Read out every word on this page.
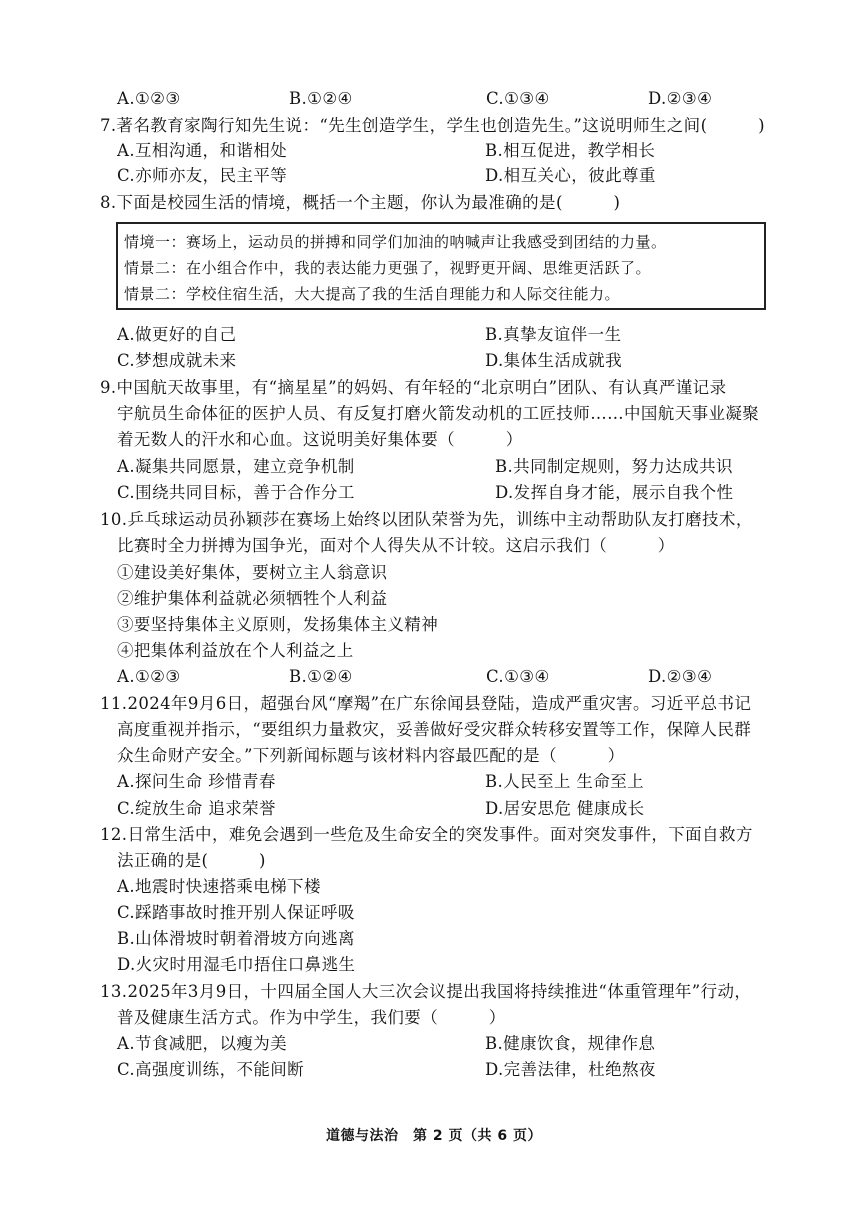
A.①②③	B.①②④	C.①③④	D.②③④
7.著名教育家陶行知先生说：“先生创造学生，学生也创造先生。”这说明师生之间(　　　)
A.互相沟通，和谐相处	B.相互促进，教学相长
C.亦师亦友，民主平等	D.相互关心，彼此尊重
8.下面是校园生活的情境，概括一个主题，你认为最准确的是(　　　)
情境一：赛场上，运动员的拼搏和同学们加油的呐喊声让我感受到团结的力量。
情景二：在小组合作中，我的表达能力更强了，视野更开阔、思维更活跃了。
情景二：学校住宿生活，大大提高了我的生活自理能力和人际交往能力。
A.做更好的自己	B.真挚友谊伴一生
C.梦想成就未来	D.集体生活成就我
9.中国航天故事里，有“摘星星”的妈妈、有年轻的“北京明白”团队、有认真严谨记录
宇航员生命体征的医护人员、有反复打磨火箭发动机的工匠技师……中国航天事业凝聚
着无数人的汗水和心血。这说明美好集体要（　　　）
A.凝集共同愿景，建立竞争机制	B.共同制定规则，努力达成共识
C.围绕共同目标，善于合作分工	D.发挥自身才能，展示自我个性
10.乒乓球运动员孙颖莎在赛场上始终以团队荣誉为先，训练中主动帮助队友打磨技术，
比赛时全力拼搏为国争光，面对个人得失从不计较。这启示我们（　　　）
①建设美好集体，要树立主人翁意识
②维护集体利益就必须牺牲个人利益
③要坚持集体主义原则，发扬集体主义精神
④把集体利益放在个人利益之上
A.①②③	B.①②④	C.①③④	D.②③④
11.2024年9月6日，超强台风“摩羯”在广东徐闻县登陆，造成严重灾害。习近平总书记
高度重视并指示，“要组织力量救灾，妥善做好受灾群众转移安置等工作，保障人民群
众生命财产安全。”下列新闻标题与该材料内容最匹配的是（　　　）
A.探问生命 珍惜青春	B.人民至上 生命至上
C.绽放生命 追求荣誉	D.居安思危 健康成长
12.日常生活中，难免会遇到一些危及生命安全的突发事件。面对突发事件，下面自救方
法正确的是(　　　)
A.地震时快速搭乘电梯下楼
C.踩踏事故时推开别人保证呼吸
B.山体滑坡时朝着滑坡方向逃离
D.火灾时用湿毛巾捂住口鼻逃生
13.2025年3月9日，十四届全国人大三次会议提出我国将持续推进“体重管理年”行动，
普及健康生活方式。作为中学生，我们要（　　　）
A.节食减肥，以瘦为美	B.健康饮食，规律作息
C.高强度训练，不能间断	D.完善法律，杜绝熬夜
道德与法治　第 2 页（共 6 页）
